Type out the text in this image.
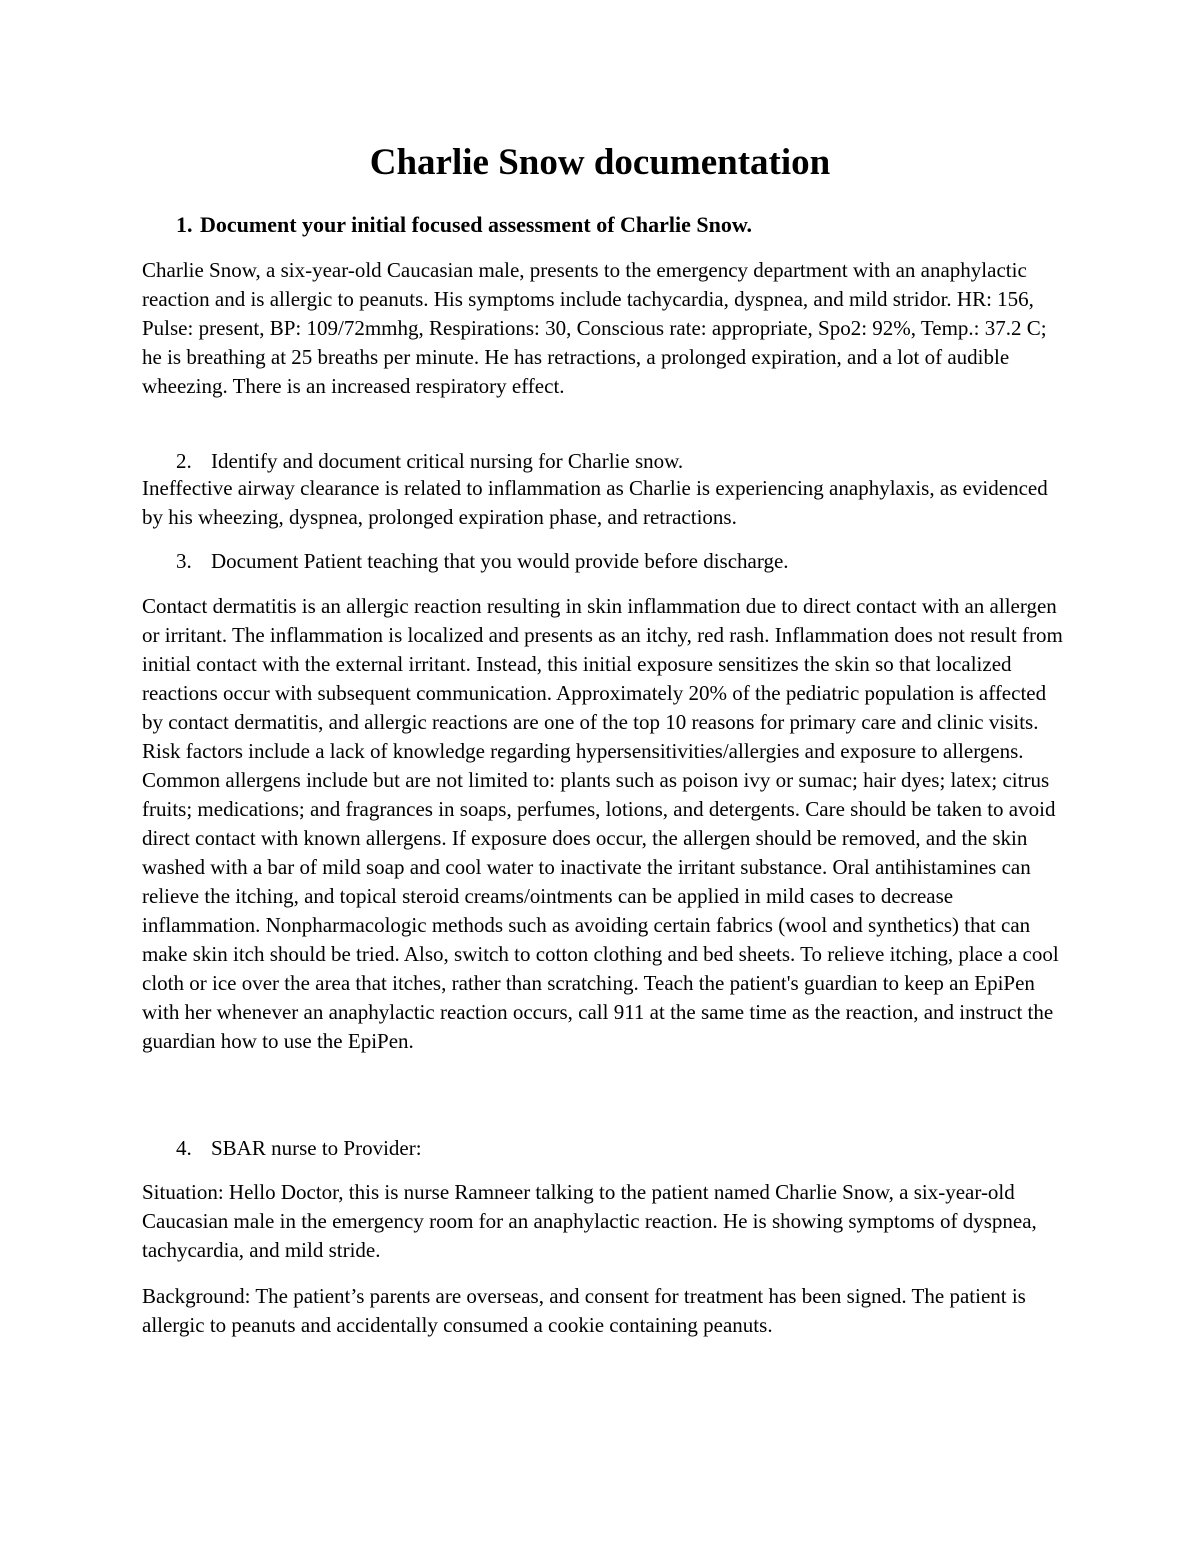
Charlie Snow documentation
1. Document your initial focused assessment of Charlie Snow.

Charlie Snow, a six-year-old Caucasian male, presents to the emergency department with an anaphylactic reaction and is allergic to peanuts. His symptoms include tachycardia, dyspnea, and mild stridor. HR: 156, Pulse: present, BP: 109/72mmhg, Respirations: 30, Conscious rate: appropriate, Spo2: 92%, Temp.: 37.2 C; he is breathing at 25 breaths per minute. He has retractions, a prolonged expiration, and a lot of audible wheezing. There is an increased respiratory effect.

2. Identify and document critical nursing for Charlie snow.

Ineffective airway clearance is related to inflammation as Charlie is experiencing anaphylaxis, as evidenced by his wheezing, dyspnea, prolonged expiration phase, and retractions.

3. Document Patient teaching that you would provide before discharge.

Contact dermatitis is an allergic reaction resulting in skin inflammation due to direct contact with an allergen or irritant. The inflammation is localized and presents as an itchy, red rash. Inflammation does not result from initial contact with the external irritant. Instead, this initial exposure sensitizes the skin so that localized reactions occur with subsequent communication. Approximately 20% of the pediatric population is affected by contact dermatitis, and allergic reactions are one of the top 10 reasons for primary care and clinic visits. Risk factors include a lack of knowledge regarding hypersensitivities/allergies and exposure to allergens. Common allergens include but are not limited to: plants such as poison ivy or sumac; hair dyes; latex; citrus fruits; medications; and fragrances in soaps, perfumes, lotions, and detergents. Care should be taken to avoid direct contact with known allergens. If exposure does occur, the allergen should be removed, and the skin washed with a bar of mild soap and cool water to inactivate the irritant substance. Oral antihistamines can relieve the itching, and topical steroid creams/ointments can be applied in mild cases to decrease inflammation. Nonpharmacologic methods such as avoiding certain fabrics (wool and synthetics) that can make skin itch should be tried. Also, switch to cotton clothing and bed sheets. To relieve itching, place a cool cloth or ice over the area that itches, rather than scratching. Teach the patient's guardian to keep an EpiPen with her whenever an anaphylactic reaction occurs, call 911 at the same time as the reaction, and instruct the guardian how to use the EpiPen.

4. SBAR nurse to Provider:

Situation: Hello Doctor, this is nurse Ramneer talking to the patient named Charlie Snow, a six-year-old Caucasian male in the emergency room for an anaphylactic reaction. He is showing symptoms of dyspnea, tachycardia, and mild stride.

Background: The patient’s parents are overseas, and consent for treatment has been signed. The patient is allergic to peanuts and accidentally consumed a cookie containing peanuts.
